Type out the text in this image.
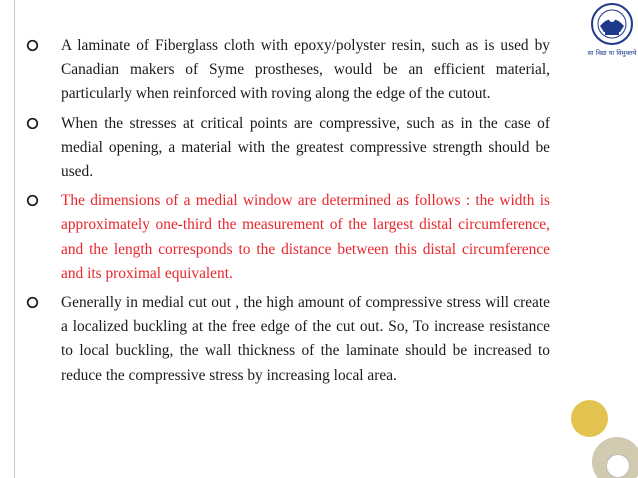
सा विद्या या विमुक्तये
A laminate of Fiberglass cloth with epoxy/polyster resin, such as is used by Canadian makers of Syme prostheses, would be an efficient material, particularly when reinforced with roving along the edge of the cutout.
When the stresses at critical points are compressive, such as in the case of medial opening, a material with the greatest compressive strength should be used.
The dimensions of a medial window are determined as follows : the width is approximately one-third the measurement of the largest distal circumference, and the length corresponds to the distance between this distal circumference and its proximal equivalent.
Generally in medial cut out , the high amount of compressive stress will create a localized buckling at the free edge of the cut out. So, To increase resistance to local buckling, the wall thickness of the laminate should be increased to reduce the compressive stress by increasing local area.
